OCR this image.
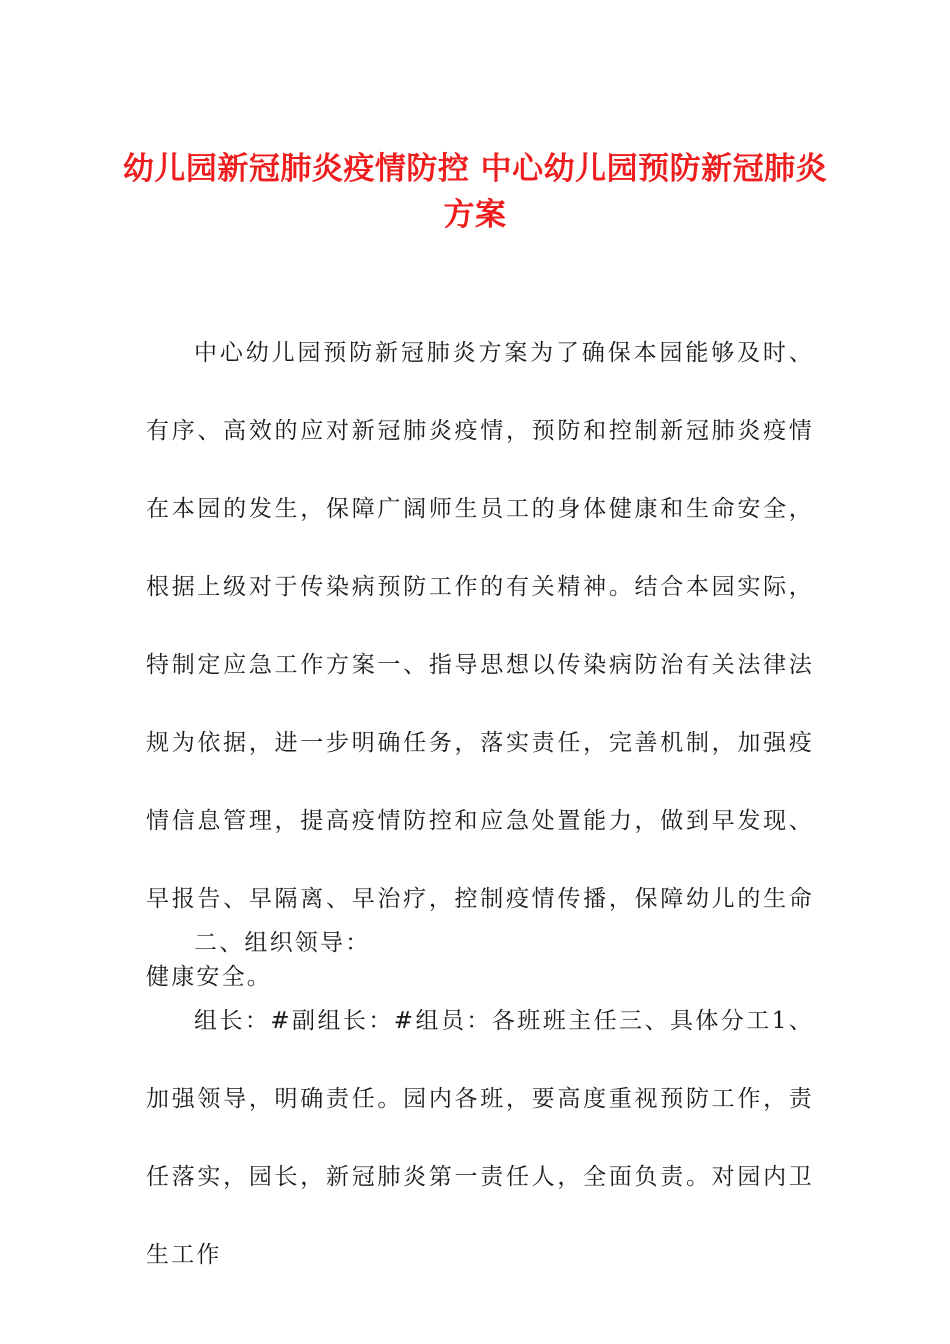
幼儿园新冠肺炎疫情防控 中心幼儿园预防新冠肺炎方案

中心幼儿园预防新冠肺炎方案为了确保本园能够及时、有序、高效的应对新冠肺炎疫情，预防和控制新冠肺炎疫情在本园的发生，保障广阔师生员工的身体健康和生命安全，根据上级对于传染病预防工作的有关精神。结合本园实际，特制定应急工作方案一、指导思想以传染病防治有关法律法规为依据，进一步明确任务，落实责任，完善机制，加强疫情信息管理，提高疫情防控和应急处置能力，做到早发现、早报告、早隔离、早治疗，控制疫情传播，保障幼儿的生命健康安全。

二、组织领导：

组长：#副组长：#组员：各班班主任三、具体分工1、加强领导，明确责任。园内各班，要高度重视预防工作，责任落实，园长，新冠肺炎第一责任人，全面负责。对园内卫生工作
